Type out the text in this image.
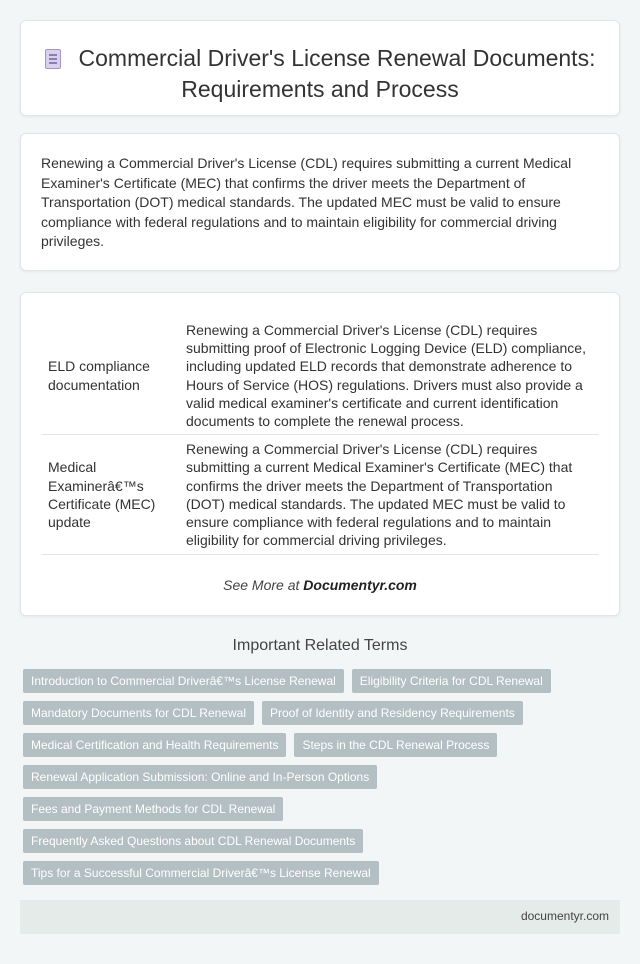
Commercial Driver's License Renewal Documents: Requirements and Process

Renewing a Commercial Driver's License (CDL) requires submitting a current Medical Examiner's Certificate (MEC) that confirms the driver meets the Department of Transportation (DOT) medical standards. The updated MEC must be valid to ensure compliance with federal regulations and to maintain eligibility for commercial driving privileges.

ELD compliance documentation	Renewing a Commercial Driver's License (CDL) requires submitting proof of Electronic Logging Device (ELD) compliance, including updated ELD records that demonstrate adherence to Hours of Service (HOS) regulations. Drivers must also provide a valid medical examiner's certificate and current identification documents to complete the renewal process.
Medical Examinerâ€™s Certificate (MEC) update	Renewing a Commercial Driver's License (CDL) requires submitting a current Medical Examiner's Certificate (MEC) that confirms the driver meets the Department of Transportation (DOT) medical standards. The updated MEC must be valid to ensure compliance with federal regulations and to maintain eligibility for commercial driving privileges.
See More at Documentyr.com
Important Related Terms
Introduction to Commercial Driverâ€™s License Renewal	Eligibility Criteria for CDL Renewal
Mandatory Documents for CDL Renewal	Proof of Identity and Residency Requirements
Medical Certification and Health Requirements	Steps in the CDL Renewal Process
Renewal Application Submission: Online and In-Person Options
Fees and Payment Methods for CDL Renewal
Frequently Asked Questions about CDL Renewal Documents
Tips for a Successful Commercial Driverâ€™s License Renewal
documentyr.com
